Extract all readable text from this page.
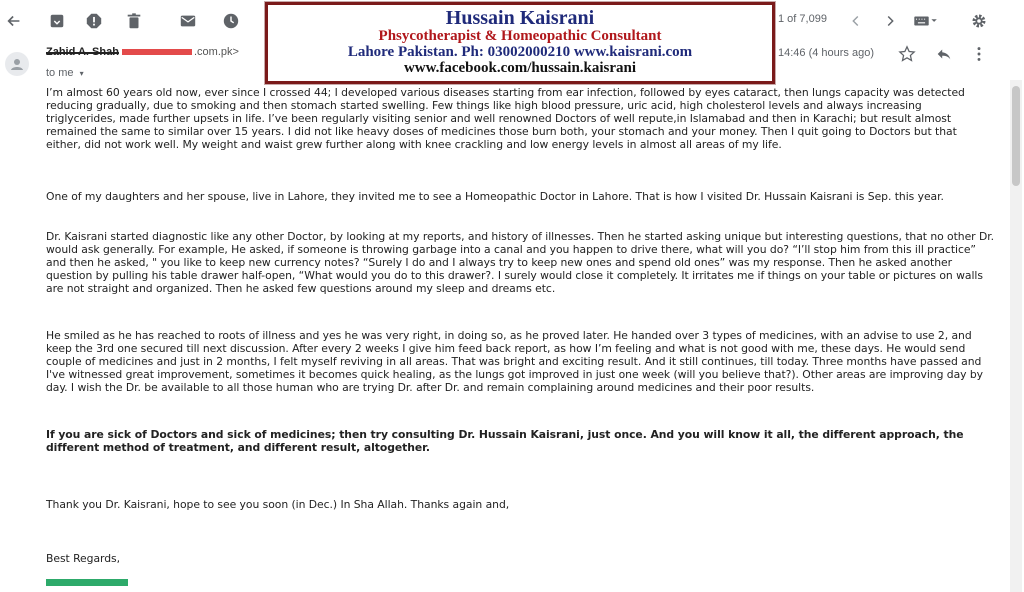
1 of 7,099
Zahid A. Shah	.com.pk>
to me ▾
14:46 (4 hours ago)
Hussain Kaisrani
Phsycotherapist & Homeopathic Consultant
Lahore Pakistan. Ph: 03002000210 www.kaisrani.com
www.facebook.com/hussain.kaisrani

I’m almost 60 years old now, ever since I crossed 44; I developed various diseases starting from ear infection, followed by eyes cataract, then lungs capacity was detected reducing gradually, due to smoking and then stomach started swelling. Few things like high blood pressure, uric acid, high cholesterol levels and always increasing triglycerides, made further upsets in life. I’ve been regularly visiting senior and well renowned Doctors of well repute,in Islamabad and then in Karachi; but result almost remained the same to similar over 15 years. I did not like heavy doses of medicines those burn both, your stomach and your money. Then I quit going to Doctors but that either, did not work well. My weight and waist grew further along with knee crackling and low energy levels in almost all areas of my life.

One of my daughters and her spouse, live in Lahore, they invited me to see a Homeopathic Doctor in Lahore. That is how I visited Dr. Hussain Kaisrani is Sep. this year.

Dr. Kaisrani started diagnostic like any other Doctor, by looking at my reports, and history of illnesses. Then he started asking unique but interesting questions, that no other Dr. would ask generally. For example, He asked, if someone is throwing garbage into a canal and you happen to drive there, what will you do? “I’ll stop him from this ill practice” and then he asked, " you like to keep new currency notes? “Surely I do and I always try to keep new ones and spend old ones” was my response. Then he asked another question by pulling his table drawer half-open, “What would you do to this drawer?. I surely would close it completely. It irritates me if things on your table or pictures on walls are not straight and organized. Then he asked few questions around my sleep and dreams etc.

He smiled as he has reached to roots of illness and yes he was very right, in doing so, as he proved later. He handed over 3 types of medicines, with an advise to use 2, and keep the 3rd one secured till next discussion. After every 2 weeks I give him feed back report, as how I’m feeling and what is not good with me, these days. He would send couple of medicines and just in 2 months, I felt myself reviving in all areas. That was bright and exciting result. And it still continues, till today. Three months have passed and I've witnessed great improvement, sometimes it becomes quick healing, as the lungs got improved in just one week (will you believe that?). Other areas are improving day by day. I wish the Dr. be available to all those human who are trying Dr. after Dr. and remain complaining around medicines and their poor results.

If you are sick of Doctors and sick of medicines; then try consulting Dr. Hussain Kaisrani, just once. And you will know it all, the different approach, the different method of treatment, and different result, altogether.

Thank you Dr. Kaisrani, hope to see you soon (in Dec.) In Sha Allah. Thanks again and,

Best Regards,
